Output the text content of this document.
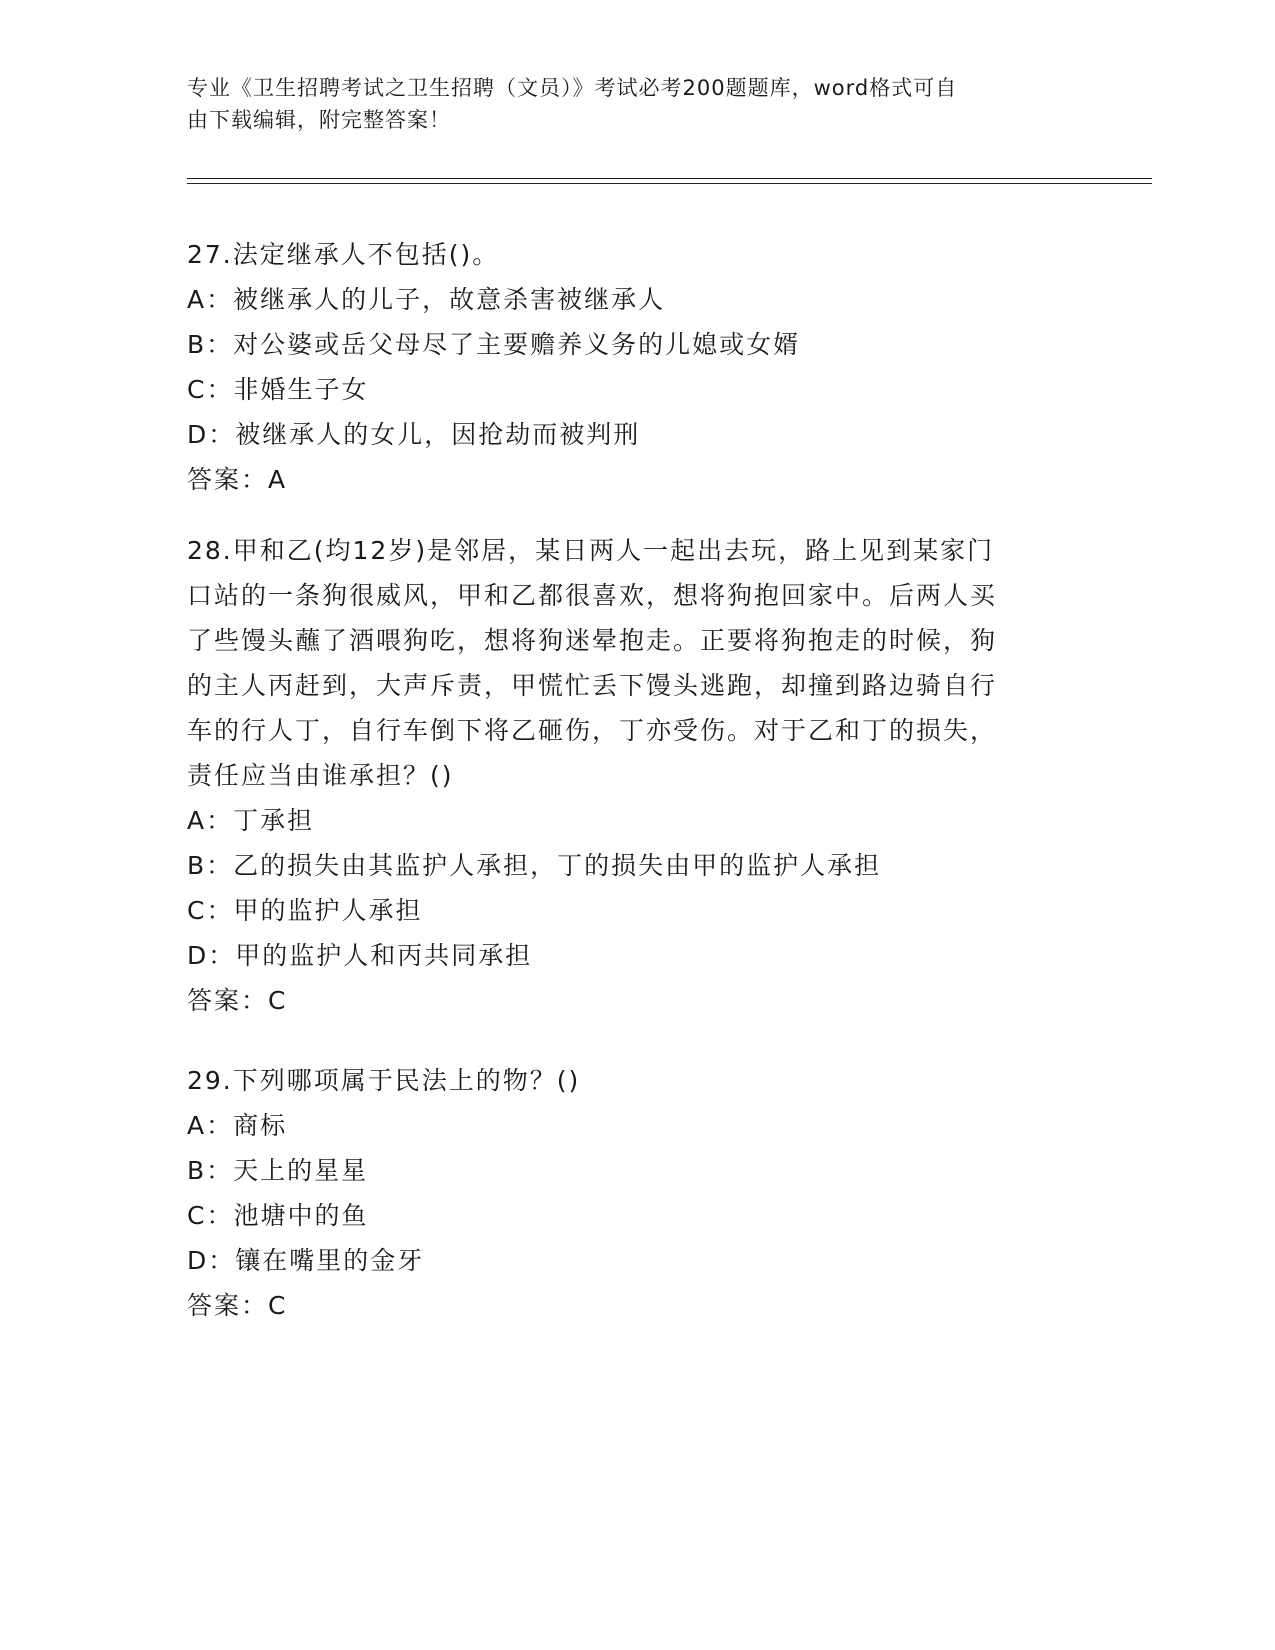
专业《卫生招聘考试之卫生招聘（文员）》考试必考200题题库，word格式可自
由下载编辑，附完整答案！
27.法定继承人不包括()。
A：被继承人的儿子，故意杀害被继承人
B：对公婆或岳父母尽了主要赡养义务的儿媳或女婿
C：非婚生子女
D：被继承人的女儿，因抢劫而被判刑
答案：A
28.甲和乙(均12岁)是邻居，某日两人一起出去玩，路上见到某家门
口站的一条狗很威风，甲和乙都很喜欢，想将狗抱回家中。后两人买
了些馒头蘸了酒喂狗吃，想将狗迷晕抱走。正要将狗抱走的时候，狗
的主人丙赶到，大声斥责，甲慌忙丢下馒头逃跑，却撞到路边骑自行
车的行人丁，自行车倒下将乙砸伤，丁亦受伤。对于乙和丁的损失，
责任应当由谁承担？()
A：丁承担
B：乙的损失由其监护人承担，丁的损失由甲的监护人承担
C：甲的监护人承担
D：甲的监护人和丙共同承担
答案：C
29.下列哪项属于民法上的物？()
A：商标
B：天上的星星
C：池塘中的鱼
D：镶在嘴里的金牙
答案：C
